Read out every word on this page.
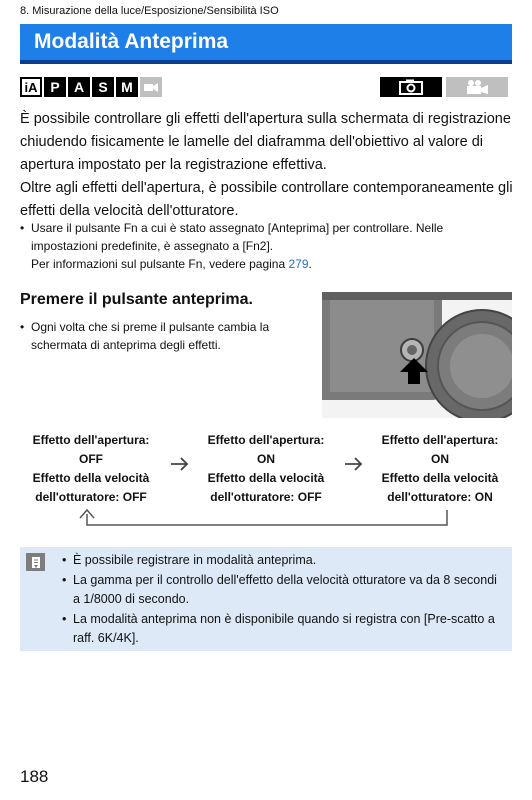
8. Misurazione della luce/Esposizione/Sensibilità ISO
Modalità Anteprima
iA P	A	S M

È possibile controllare gli effetti dell'apertura sulla schermata di registrazione chiudendo fisicamente le lamelle del diaframma dell'obiettivo al valore di apertura impostato per la registrazione effettiva.

Oltre agli effetti dell'apertura, è possibile controllare contemporaneamente gli effetti della velocità dell'otturatore.

• Usare il pulsante Fn a cui è stato assegnato [Anteprima] per controllare. Nelle impostazioni predefinite, è assegnato a [Fn2].
Per informazioni sul pulsante Fn, vedere pagina 279.
Premere il pulsante anteprima.
• Ogni volta che si preme il pulsante cambia la schermata di anteprima degli effetti.
Effetto dell'apertura:
OFF
Effetto della velocità
dell'otturatore: OFF
Effetto dell'apertura:
ON
Effetto della velocità
dell'otturatore: OFF
Effetto dell'apertura:
ON
Effetto della velocità
dell'otturatore: ON
• È possibile registrare in modalità anteprima.
• La gamma per il controllo dell'effetto della velocità otturatore va da 8 secondi a 1/8000 di secondo.
• La modalità anteprima non è disponibile quando si registra con [Pre-scatto a raff. 6K/4K].
188
